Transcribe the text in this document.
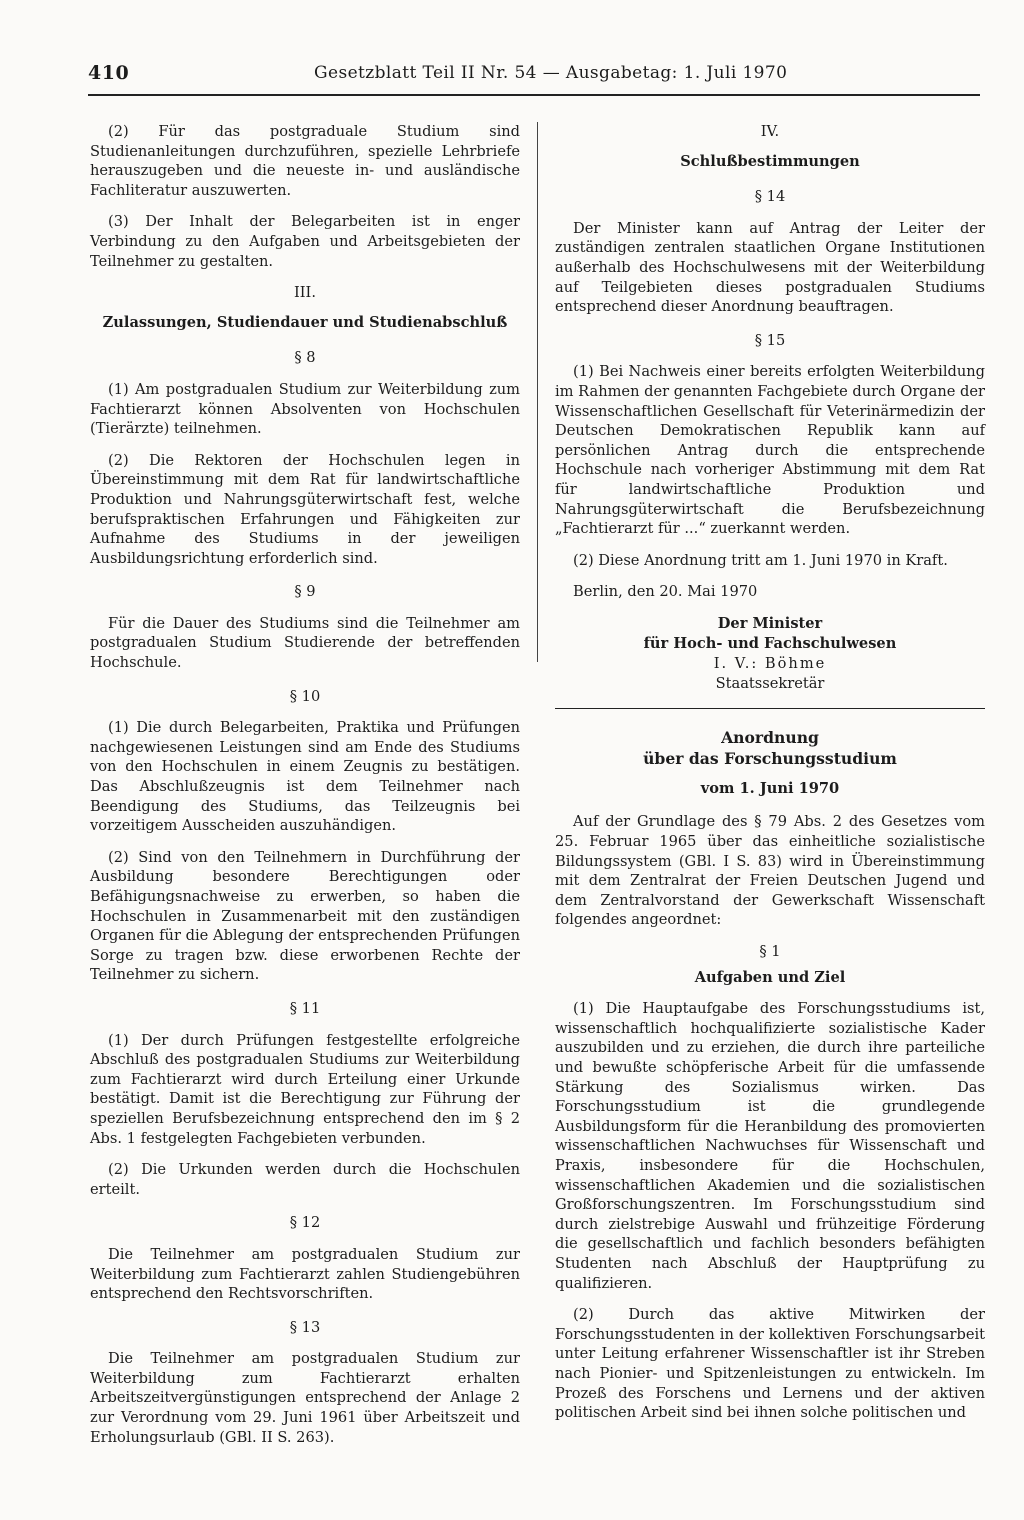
410	Gesetzblatt Teil II Nr. 54 — Ausgabetag: 1. Juli 1970

(2) Für das postgraduale Studium sind Studienanleitungen durchzuführen, spezielle Lehrbriefe herauszugeben und die neueste in- und ausländische Fachliteratur auszuwerten.

(3) Der Inhalt der Belegarbeiten ist in enger Verbindung zu den Aufgaben und Arbeitsgebieten der Teilnehmer zu gestalten.

III.
Zulassungen, Studiendauer und Studienabschluß
§ 8

(1) Am postgradualen Studium zur Weiterbildung zum Fachtierarzt können Absolventen von Hochschulen (Tierärzte) teilnehmen.

(2) Die Rektoren der Hochschulen legen in Übereinstimmung mit dem Rat für landwirtschaftliche Produktion und Nahrungsgüterwirtschaft fest, welche berufspraktischen Erfahrungen und Fähigkeiten zur Aufnahme des Studiums in der jeweiligen Ausbildungsrichtung erforderlich sind.

§ 9

Für die Dauer des Studiums sind die Teilnehmer am postgradualen Studium Studierende der betreffenden Hochschule.

§ 10

(1) Die durch Belegarbeiten, Praktika und Prüfungen nachgewiesenen Leistungen sind am Ende des Studiums von den Hochschulen in einem Zeugnis zu bestätigen. Das Abschlußzeugnis ist dem Teilnehmer nach Beendigung des Studiums, das Teilzeugnis bei vorzeitigem Ausscheiden auszuhändigen.

(2) Sind von den Teilnehmern in Durchführung der Ausbildung besondere Berechtigungen oder Befähigungsnachweise zu erwerben, so haben die Hochschulen in Zusammenarbeit mit den zuständigen Organen für die Ablegung der entsprechenden Prüfungen Sorge zu tragen bzw. diese erworbenen Rechte der Teilnehmer zu sichern.

§ 11

(1) Der durch Prüfungen festgestellte erfolgreiche Abschluß des postgradualen Studiums zur Weiterbildung zum Fachtierarzt wird durch Erteilung einer Urkunde bestätigt. Damit ist die Berechtigung zur Führung der speziellen Berufsbezeichnung entsprechend den im § 2 Abs. 1 festgelegten Fachgebieten verbunden.

(2) Die Urkunden werden durch die Hochschulen erteilt.

§ 12

Die Teilnehmer am postgradualen Studium zur Weiterbildung zum Fachtierarzt zahlen Studiengebühren entsprechend den Rechtsvorschriften.

§ 13

Die Teilnehmer am postgradualen Studium zur Weiterbildung zum Fachtierarzt erhalten Arbeitszeitvergünstigungen entsprechend der Anlage 2 zur Verordnung vom 29. Juni 1961 über Arbeitszeit und Erholungsurlaub (GBl. II S. 263).

IV.
Schlußbestimmungen
§ 14

Der Minister kann auf Antrag der Leiter der zuständigen zentralen staatlichen Organe Institutionen außerhalb des Hochschulwesens mit der Weiterbildung auf Teilgebieten dieses postgradualen Studiums entsprechend dieser Anordnung beauftragen.

§ 15

(1) Bei Nachweis einer bereits erfolgten Weiterbildung im Rahmen der genannten Fachgebiete durch Organe der Wissenschaftlichen Gesellschaft für Veterinärmedizin der Deutschen Demokratischen Republik kann auf persönlichen Antrag durch die entsprechende Hochschule nach vorheriger Abstimmung mit dem Rat für landwirtschaftliche Produktion und Nahrungsgüterwirtschaft die Berufsbezeichnung „Fachtierarzt für ...“ zuerkannt werden.

(2) Diese Anordnung tritt am 1. Juni 1970 in Kraft.

Berlin, den 20. Mai 1970

Der Minister
für Hoch- und Fachschulwesen
I. V.: Böhme
Staatssekretär
Anordnung
über das Forschungsstudium
vom 1. Juni 1970

Auf der Grundlage des § 79 Abs. 2 des Gesetzes vom 25. Februar 1965 über das einheitliche sozialistische Bildungssystem (GBl. I S. 83) wird in Übereinstimmung mit dem Zentralrat der Freien Deutschen Jugend und dem Zentralvorstand der Gewerkschaft Wissenschaft folgendes angeordnet:

§ 1
Aufgaben und Ziel

(1) Die Hauptaufgabe des Forschungsstudiums ist, wissenschaftlich hochqualifizierte sozialistische Kader auszubilden und zu erziehen, die durch ihre parteiliche und bewußte schöpferische Arbeit für die umfassende Stärkung des Sozialismus wirken. Das Forschungsstudium ist die grundlegende Ausbildungsform für die Heranbildung des promovierten wissenschaftlichen Nachwuchses für Wissenschaft und Praxis, insbesondere für die Hochschulen, wissenschaftlichen Akademien und die sozialistischen Großforschungszentren. Im Forschungsstudium sind durch zielstrebige Auswahl und frühzeitige Förderung die gesellschaftlich und fachlich besonders befähigten Studenten nach Abschluß der Hauptprüfung zu qualifizieren.

(2) Durch das aktive Mitwirken der Forschungsstudenten in der kollektiven Forschungsarbeit unter Leitung erfahrener Wissenschaftler ist ihr Streben nach Pionier- und Spitzenleistungen zu entwickeln. Im Prozeß des Forschens und Lernens und der aktiven politischen Arbeit sind bei ihnen solche politischen und
